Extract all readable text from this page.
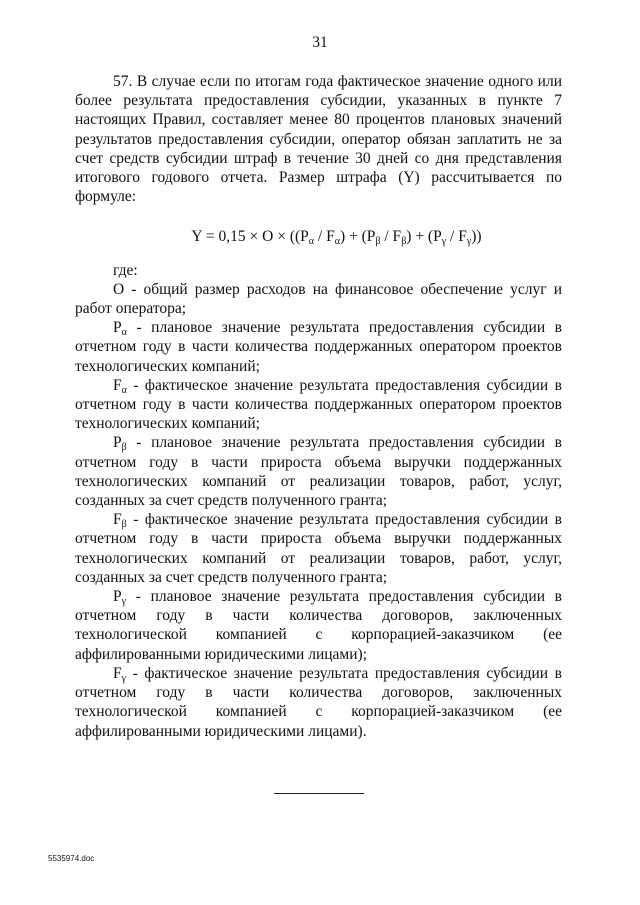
31

57. В случае если по итогам года фактическое значение одного или более результата предоставления субсидии, указанных в пункте 7 настоящих Правил, составляет менее 80 процентов плановых значений результатов предоставления субсидии, оператор обязан заплатить не за счет средств субсидии штраф в течение 30 дней со дня представления итогового годового отчета. Размер штрафа (Y) рассчитывается по формуле:

$Y = 0,15 \times O \times ((P_\alpha / F_\alpha) + (P_\beta / F_\beta) + (P_\gamma / F_\gamma))$

где:

O - общий размер расходов на финансовое обеспечение услуг и работ оператора;

$P_\alpha$ - плановое значение результата предоставления субсидии в отчетном году в части количества поддержанных оператором проектов технологических компаний;

$F_\alpha$ - фактическое значение результата предоставления субсидии в отчетном году в части количества поддержанных оператором проектов технологических компаний;

$P_\beta$ - плановое значение результата предоставления субсидии в отчетном году в части прироста объема выручки поддержанных технологических компаний от реализации товаров, работ, услуг, созданных за счет средств полученного гранта;

$F_\beta$ - фактическое значение результата предоставления субсидии в отчетном году в части прироста объема выручки поддержанных технологических компаний от реализации товаров, работ, услуг, созданных за счет средств полученного гранта;

$P_\gamma$ - плановое значение результата предоставления субсидии в отчетном году в части количества договоров, заключенных технологической компанией с корпорацией-заказчиком (ее аффилированными юридическими лицами);

$F_\gamma$ - фактическое значение результата предоставления субсидии в отчетном году в части количества договоров, заключенных технологической компанией с корпорацией-заказчиком (ее аффилированными юридическими лицами).

5535974.doc
